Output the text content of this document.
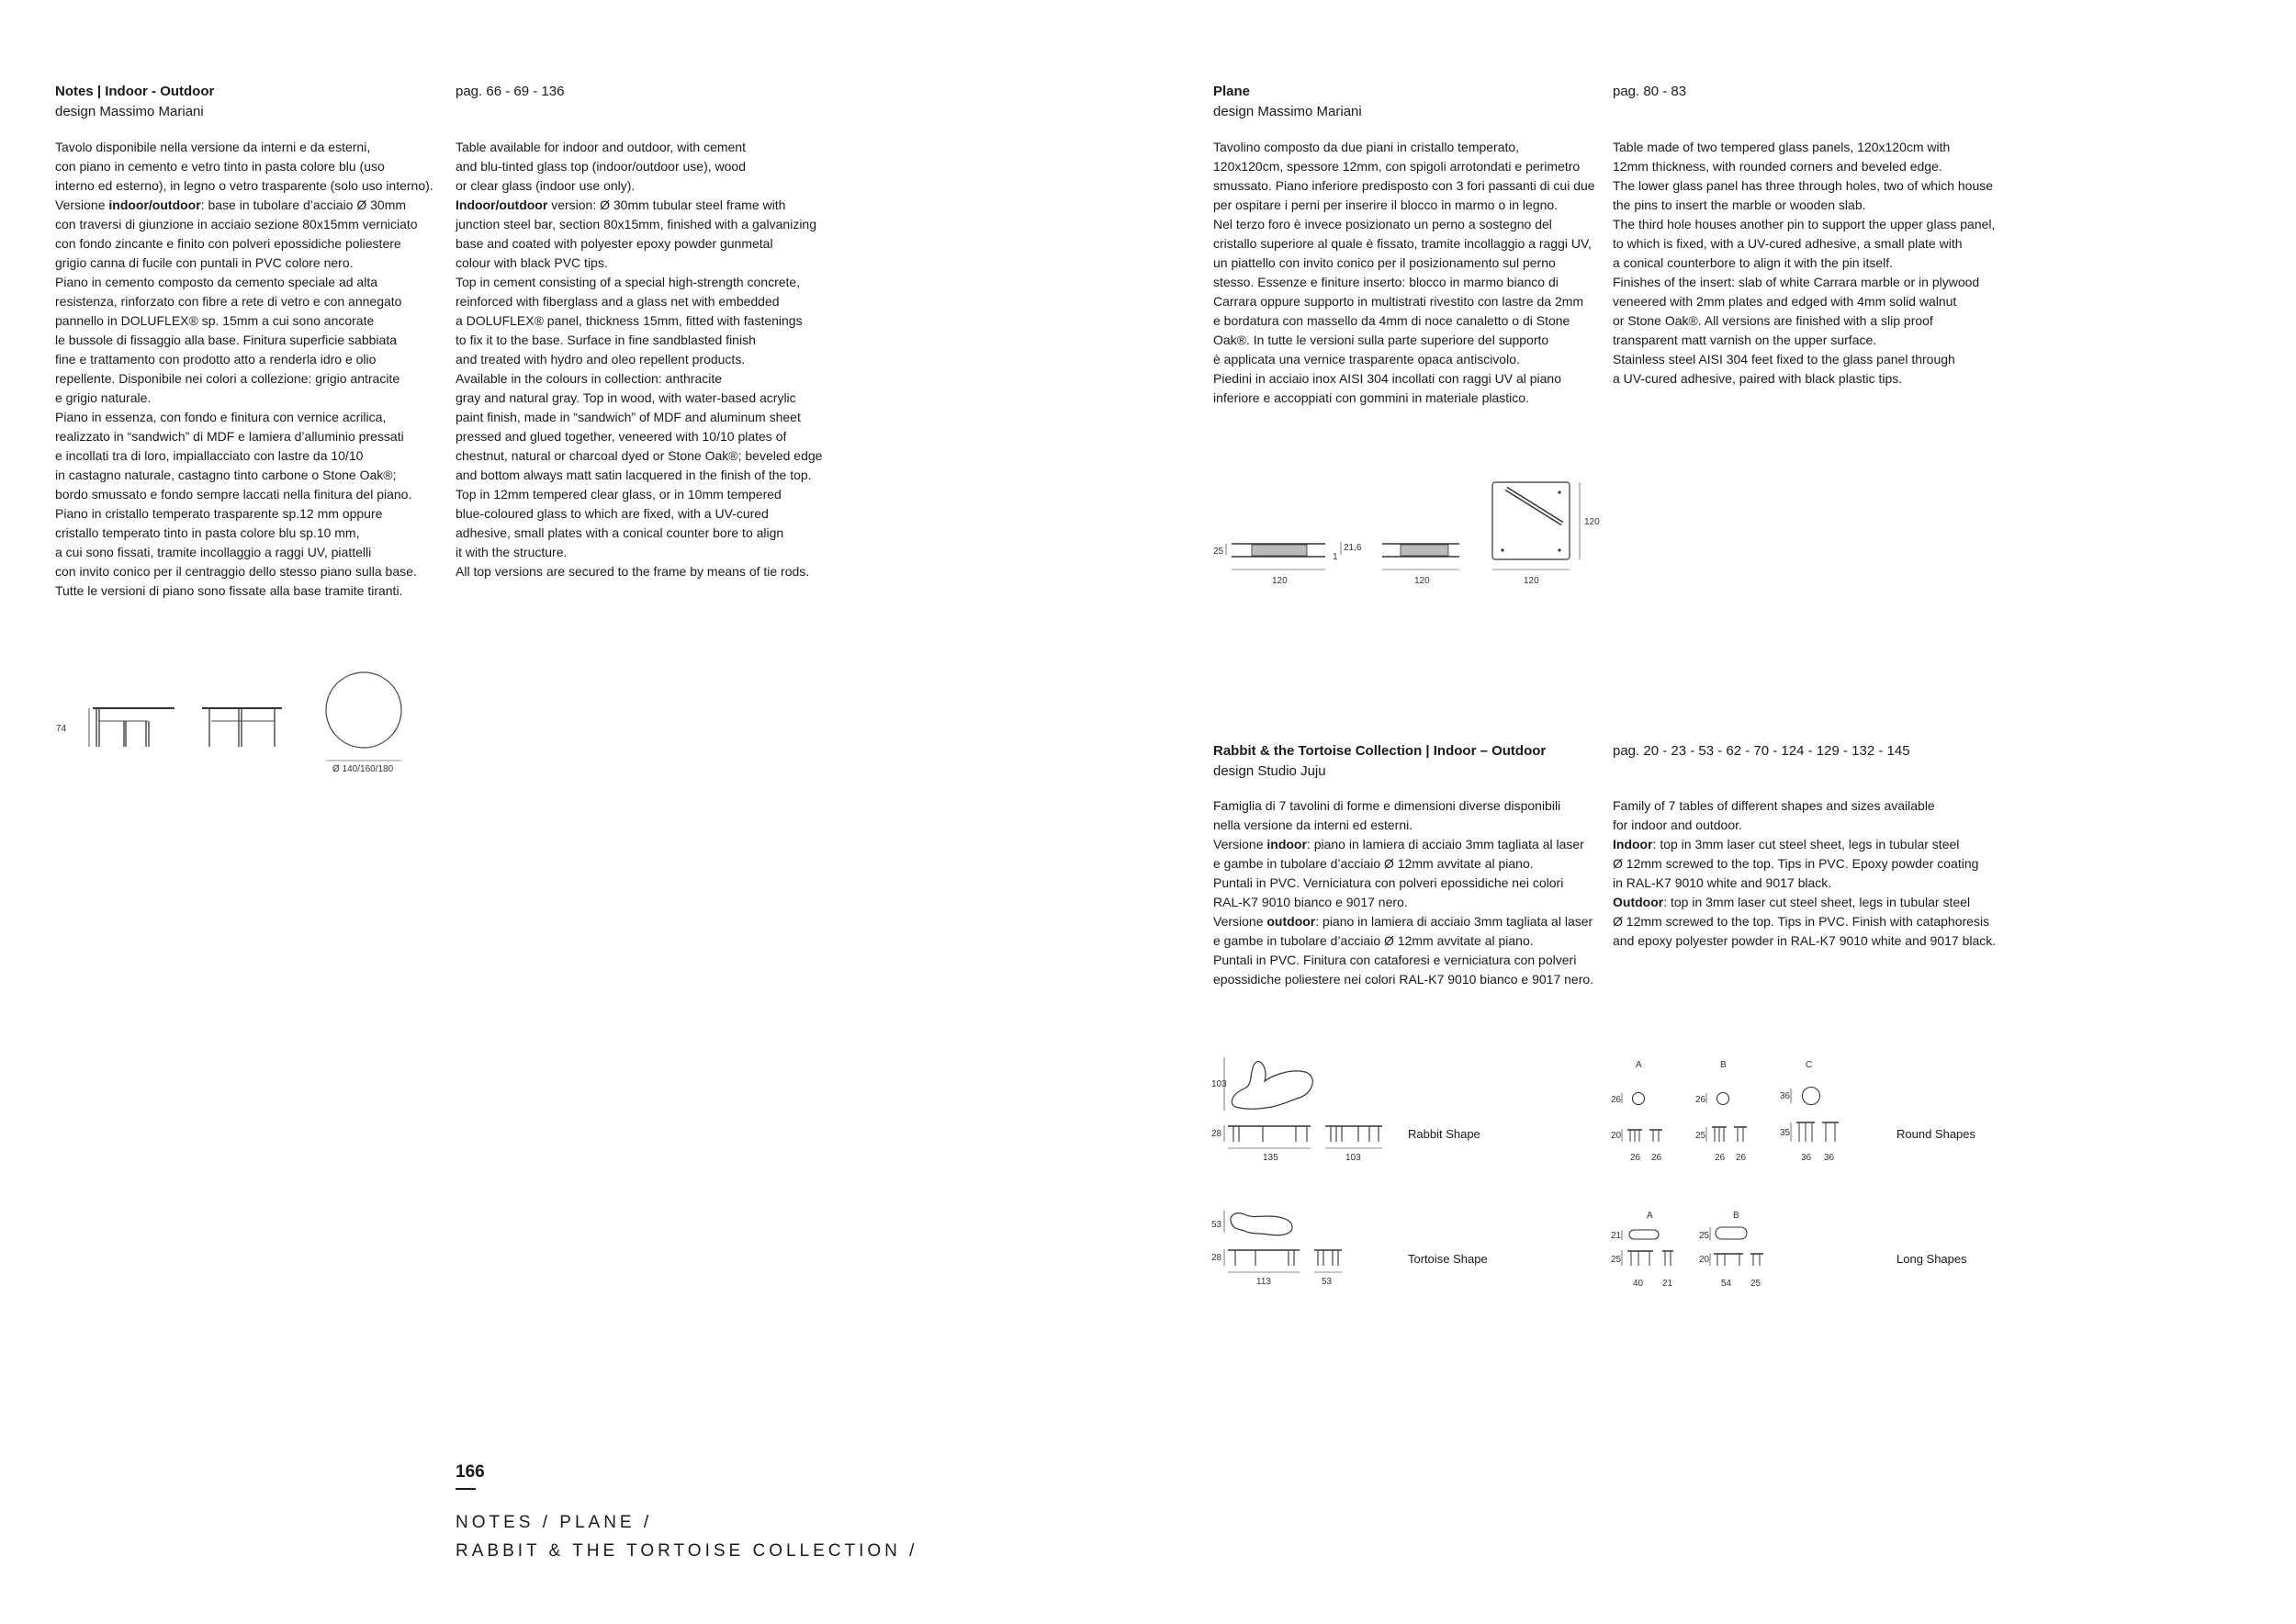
Notes | Indoor - Outdoor
design Massimo Mariani
pag. 66 - 69 - 136

Tavolo disponibile nella versione da interni e da esterni,

con piano in cemento e vetro tinto in pasta colore blu (uso

interno ed esterno), in legno o vetro trasparente (solo uso interno).

Versione indoor/outdoor: base in tubolare d’acciaio Ø 30mm

con traversi di giunzione in acciaio sezione 80x15mm verniciato

con fondo zincante e finito con polveri epossidiche poliestere

grigio canna di fucile con puntali in PVC colore nero.

Piano in cemento composto da cemento speciale ad alta

resistenza, rinforzato con fibre a rete di vetro e con annegato

pannello in DOLUFLEX® sp. 15mm a cui sono ancorate

le bussole di fissaggio alla base. Finitura superficie sabbiata

fine e trattamento con prodotto atto a renderla idro e olio

repellente. Disponibile nei colori a collezione: grigio antracite

e grigio naturale.

Piano in essenza, con fondo e finitura con vernice acrilica,

realizzato in “sandwich” di MDF e lamiera d’alluminio pressati

e incollati tra di loro, impiallacciato con lastre da 10/10

in castagno naturale, castagno tinto carbone o Stone Oak®;

bordo smussato e fondo sempre laccati nella finitura del piano.

Piano in cristallo temperato trasparente sp.12 mm oppure

cristallo temperato tinto in pasta colore blu sp.10 mm,

a cui sono fissati, tramite incollaggio a raggi UV, piattelli

con invito conico per il centraggio dello stesso piano sulla base.

Tutte le versioni di piano sono fissate alla base tramite tiranti.

Table available for indoor and outdoor, with cement

and blu-tinted glass top (indoor/outdoor use), wood

or clear glass (indoor use only).

Indoor/outdoor version: Ø 30mm tubular steel frame with

junction steel bar, section 80x15mm, finished with a galvanizing

base and coated with polyester epoxy powder gunmetal

colour with black PVC tips.

Top in cement consisting of a special high-strength concrete,

reinforced with fiberglass and a glass net with embedded

a DOLUFLEX® panel, thickness 15mm, fitted with fastenings

to fix it to the base. Surface in fine sandblasted finish

and treated with hydro and oleo repellent products.

Available in the colours in collection: anthracite

gray and natural gray. Top in wood, with water-based acrylic

paint finish, made in “sandwich” of MDF and aluminum sheet

pressed and glued together, veneered with 10/10 plates of

chestnut, natural or charcoal dyed or Stone Oak®; beveled edge

and bottom always matt satin lacquered in the finish of the top.

Top in 12mm tempered clear glass, or in 10mm tempered

blue-coloured glass to which are fixed, with a UV-cured

adhesive, small plates with a conical counter bore to align

it with the structure.

All top versions are secured to the frame by means of tie rods.

74
Ø 140/160/180
Plane
design Massimo Mariani
pag. 80 - 83

Tavolino composto da due piani in cristallo temperato,

120x120cm, spessore 12mm, con spigoli arrotondati e perimetro

smussato. Piano inferiore predisposto con 3 fori passanti di cui due

per ospitare i perni per inserire il blocco in marmo o in legno.

Nel terzo foro è invece posizionato un perno a sostegno del

cristallo superiore al quale è fissato, tramite incollaggio a raggi UV,

un piattello con invito conico per il posizionamento sul perno

stesso. Essenze e finiture inserto: blocco in marmo bianco di

Carrara oppure supporto in multistrati rivestito con lastre da 2mm

e bordatura con massello da 4mm di noce canaletto o di Stone

Oak®. In tutte le versioni sulla parte superiore del supporto

è applicata una vernice trasparente opaca antiscivolo.

Piedini in acciaio inox AISI 304 incollati con raggi UV al piano

inferiore e accoppiati con gommini in materiale plastico.

Table made of two tempered glass panels, 120x120cm with

12mm thickness, with rounded corners and beveled edge.

The lower glass panel has three through holes, two of which house

the pins to insert the marble or wooden slab.

The third hole houses another pin to support the upper glass panel,

to which is fixed, with a UV-cured adhesive, a small plate with

a conical counterbore to align it with the pin itself.

Finishes of the insert: slab of white Carrara marble or in plywood

veneered with 2mm plates and edged with 4mm solid walnut

or Stone Oak®. All versions are finished with a slip proof

transparent matt varnish on the upper surface.

Stainless steel AISI 304 feet fixed to the glass panel through

a UV-cured adhesive, paired with black plastic tips.

25
120
1
21,6
120	120
120
Rabbit & the Tortoise Collection | Indoor – Outdoor
design Studio Juju
pag. 20 - 23 - 53 - 62 - 70 - 124 - 129 - 132 - 145

Famiglia di 7 tavolini di forme e dimensioni diverse disponibili

nella versione da interni ed esterni.

Versione indoor: piano in lamiera di acciaio 3mm tagliata al laser

e gambe in tubolare d’acciaio Ø 12mm avvitate al piano.

Puntali in PVC. Verniciatura con polveri epossidiche nei colori

RAL-K7 9010 bianco e 9017 nero.

Versione outdoor: piano in lamiera di acciaio 3mm tagliata al laser

e gambe in tubolare d’acciaio Ø 12mm avvitate al piano.

Puntali in PVC. Finitura con cataforesi e verniciatura con polveri

epossidiche poliestere nei colori RAL-K7 9010 bianco e 9017 nero.

Family of 7 tables of different shapes and sizes available

for indoor and outdoor.

Indoor: top in 3mm laser cut steel sheet, legs in tubular steel

Ø 12mm screwed to the top. Tips in PVC. Epoxy powder coating

in RAL-K7 9010 white and 9017 black.

Outdoor: top in 3mm laser cut steel sheet, legs in tubular steel

Ø 12mm screwed to the top. Tips in PVC. Finish with cataphoresis

and epoxy polyester powder in RAL-K7 9010 white and 9017 black.

103
28
135	103
Rabbit Shape
53
28
113	53
Tortoise Shape
A
26
20
26 26
B
26
25
26 26
C
36
35
36 36
Round Shapes
A
21
25
40 21
B
25
20
54 25
Long Shapes
166
NOTES / PLANE /
RABBIT & THE TORTOISE COLLECTION /
